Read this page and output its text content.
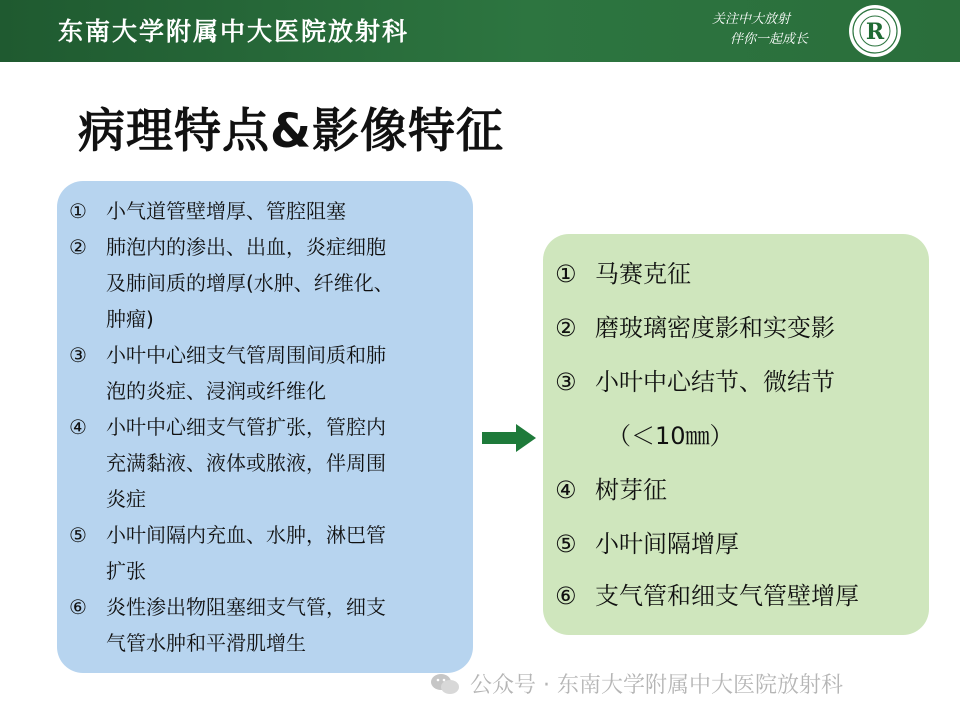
东南大学附属中大医院放射科	关注中大放射
伴你一起成长	R
病理特点&影像特征
① 小气道管壁增厚、管腔阻塞
② 肺泡内的渗出、出血，炎症细胞
及肺间质的增厚(水肿、纤维化、
肿瘤)
③ 小叶中心细支气管周围间质和肺
泡的炎症、浸润或纤维化
④ 小叶中心细支气管扩张，管腔内
充满黏液、液体或脓液，伴周围
炎症
⑤ 小叶间隔内充血、水肿，淋巴管
扩张
⑥ 炎性渗出物阻塞细支气管，细支
气管水肿和平滑肌增生
① 马赛克征
② 磨玻璃密度影和实变影
③ 小叶中心结节、微结节
（＜10㎜）
④ 树芽征
⑤ 小叶间隔增厚
⑥ 支气管和细支气管壁增厚
公众号 · 东南大学附属中大医院放射科
